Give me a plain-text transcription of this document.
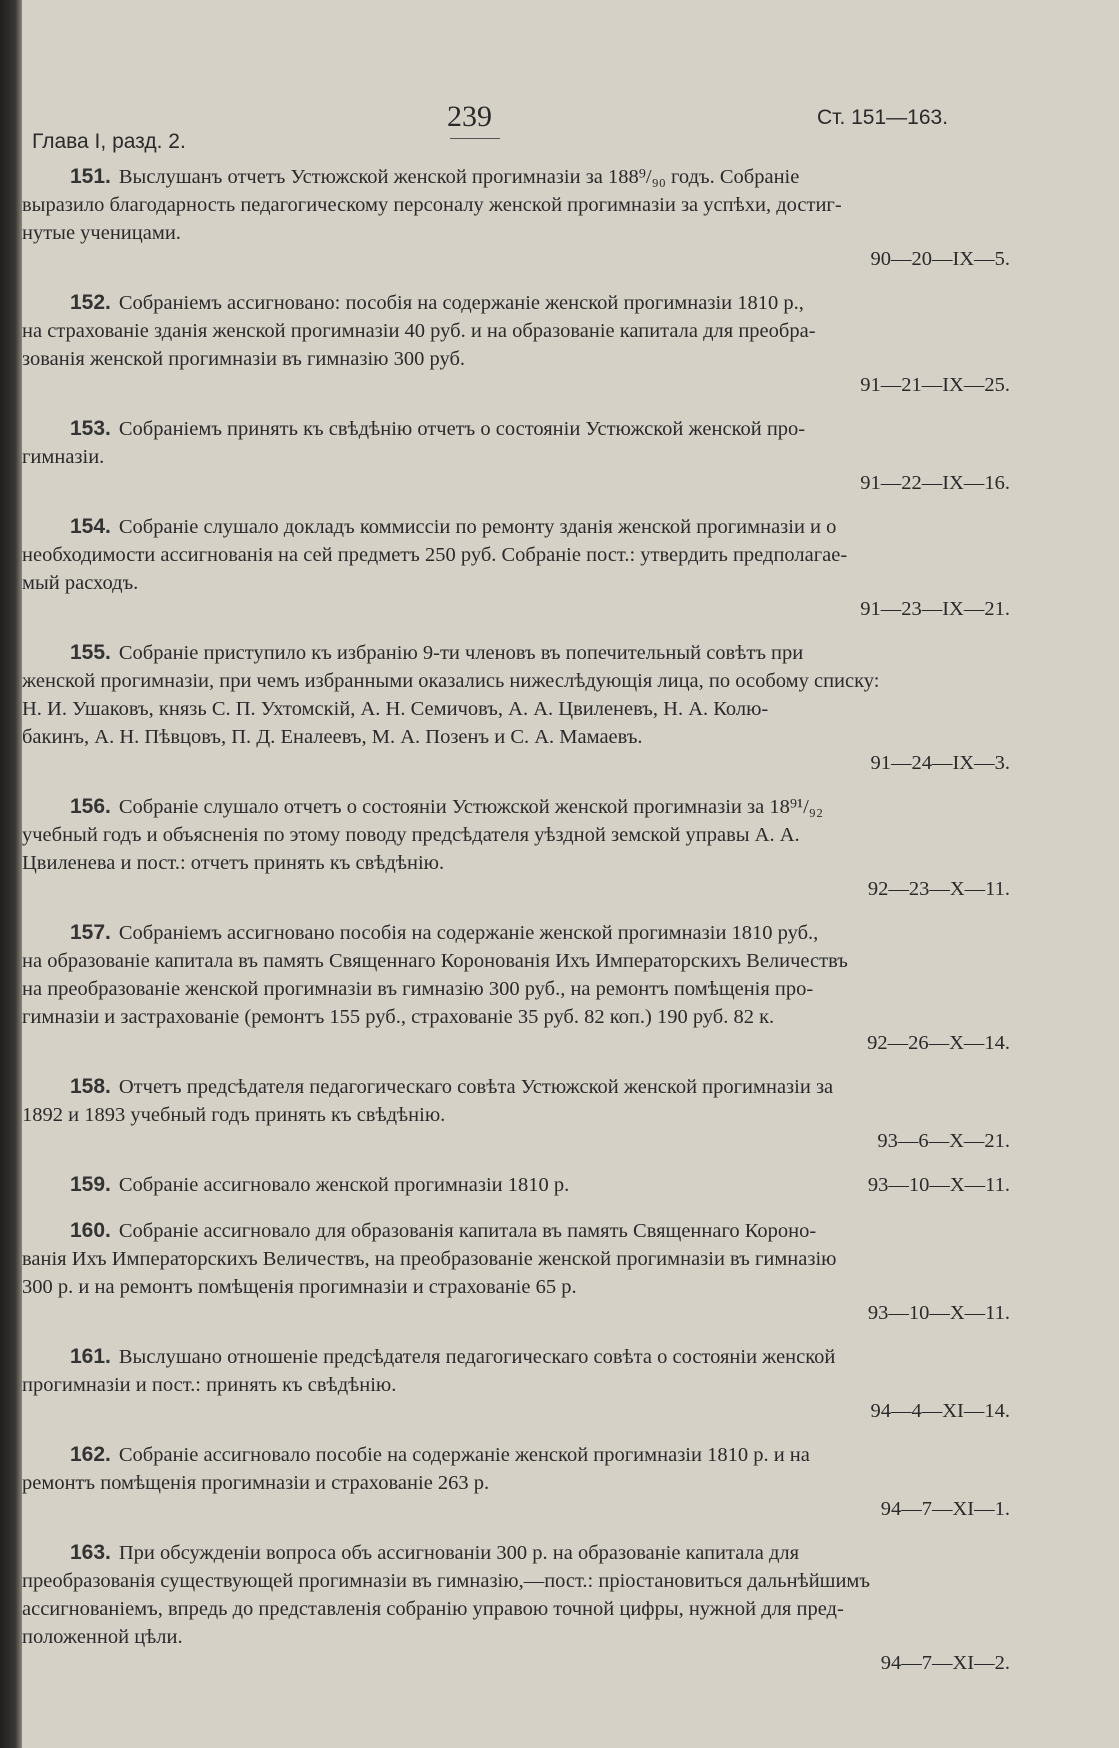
Глава I, разд. 2.
239	Ст. 151—163.
151. Выслушанъ отчетъ Устюжской женской прогимназіи за 188⁹/₉₀ годъ. Собраніе
выразило благодарность педагогическому персоналу женской прогимназіи за успѣхи, достиг-
нутые ученицами.
90—20—IX—5.
152. Собраніемъ ассигновано: пособія на содержаніе женской прогимназіи 1810 р.,
на страхованіе зданія женской прогимназіи 40 руб. и на образованіе капитала для преобра-
зованія женской прогимназіи въ гимназію 300 руб.
91—21—IX—25.
153. Собраніемъ принять къ свѣдѣнію отчетъ о состояніи Устюжской женской про-
гимназіи.
91—22—IX—16.
154. Собраніе слушало докладъ коммиссіи по ремонту зданія женской прогимназіи и о
необходимости ассигнованія на сей предметъ 250 руб. Собраніе пост.: утвердить предполагае-
мый расходъ.
91—23—IX—21.
155. Собраніе приступило къ избранію 9-ти членовъ въ попечительный совѣтъ при
женской прогимназіи, при чемъ избранными оказались нижеслѣдующія лица, по особому списку:
Н. И. Ушаковъ, князь С. П. Ухтомскій, А. Н. Семичовъ, А. А. Цвиленевъ, Н. А. Колю-
бакинъ, А. Н. Пѣвцовъ, П. Д. Еналеевъ, М. А. Позенъ и С. А. Мамаевъ.
91—24—IX—3.
156. Собраніе слушало отчетъ о состояніи Устюжской женской прогимназіи за 18⁹¹/₉₂
учебный годъ и объясненія по этому поводу предсѣдателя уѣздной земской управы А. А.
Цвиленева и пост.: отчетъ принять къ свѣдѣнію.
92—23—X—11.
157. Собраніемъ ассигновано пособія на содержаніе женской прогимназіи 1810 руб.,
на образованіе капитала въ память Священнаго Коронованія Ихъ Императорскихъ Величествъ
на преобразованіе женской прогимназіи въ гимназію 300 руб., на ремонтъ помѣщенія про-
гимназіи и застрахованіе (ремонтъ 155 руб., страхованіе 35 руб. 82 коп.) 190 руб. 82 к.
92—26—X—14.
158. Отчетъ предсѣдателя педагогическаго совѣта Устюжской женской прогимназіи за
1892 и 1893 учебный годъ принять къ свѣдѣнію.
93—6—X—21.
159.	93—10—X—11.
Собраніе ассигновало женской прогимназіи 1810 р.
160. Собраніе ассигновало для образованія капитала въ память Священнаго Короно-
ванія Ихъ Императорскихъ Величествъ, на преобразованіе женской прогимназіи въ гимназію
300 р. и на ремонтъ помѣщенія прогимназіи и страхованіе 65 р.
93—10—X—11.
161. Выслушано отношеніе предсѣдателя педагогическаго совѣта о состояніи женской
прогимназіи и пост.: принять къ свѣдѣнію.
94—4—XI—14.
162. Собраніе ассигновало пособіе на содержаніе женской прогимназіи 1810 р. и на
ремонтъ помѣщенія прогимназіи и страхованіе 263 р.
94—7—XI—1.
163. При обсужденіи вопроса объ ассигнованіи 300 р. на образованіе капитала для
преобразованія существующей прогимназіи въ гимназію,—пост.: пріостановиться дальнѣйшимъ
ассигнованіемъ, впредь до представленія собранію управою точной цифры, нужной для пред-
положенной цѣли.
94—7—XI—2.
